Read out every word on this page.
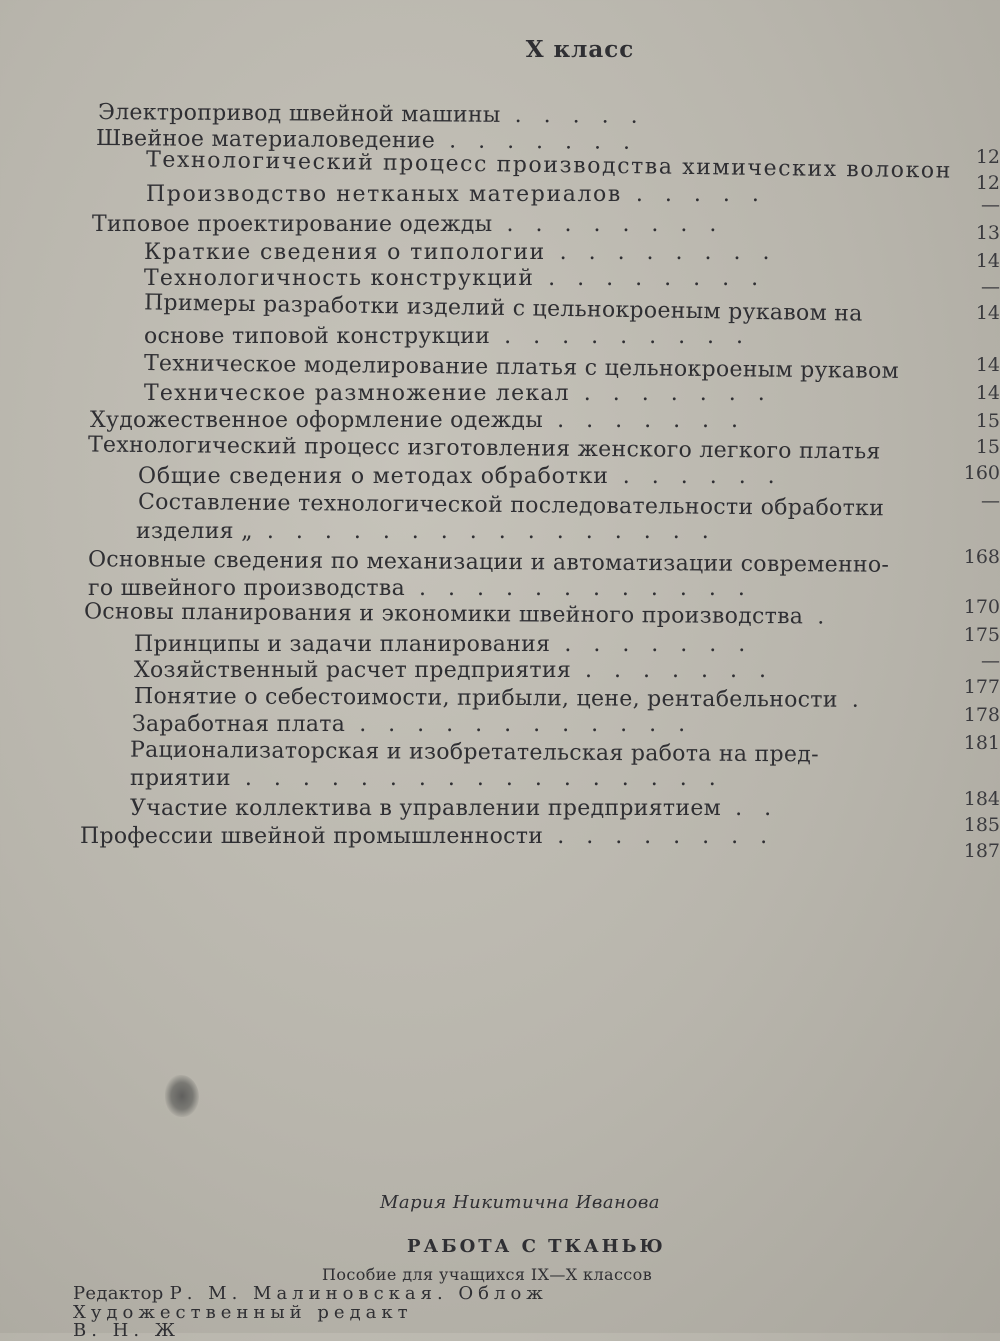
X класс
Электропривод швейной машины .....
Швейное материаловедение .......
Технологический процесс производства химических волокон
Производство нетканых материалов .....
Типовое проектирование одежды ........
Краткие сведения о типологии ........
Технологичность конструкций ........
Примеры разработки изделий с цельнокроеным рукавом на
основе типовой конструкции .........
Техническое моделирование платья с цельнокроеным рукавом
Техническое размножение лекал .......
Художественное оформление одежды .......
Технологический процесс изготовления женского легкого платья
Общие сведения о методах обработки ......
Составление технологической последовательности обработки
изделия „ ................
Основные сведения по механизации и автоматизации современно-
го швейного производства ............
Основы планирования и экономики швейного производства .
Принципы и задачи планирования .......
Хозяйственный расчет предприятия .......
Понятие о себестоимости, прибыли, цене, рентабельности .
Заработная плата ............
Рационализаторская и изобретательская работа на пред-
приятии .................
Участие коллектива в управлении предприятием ..
Профессии швейной промышленности ........
12
12
—
13
14
—
14
14
14
15
15
160
—
168
170
175
—
177
178
181
184
185
187
Мария Никитична Иванова
РАБОТА С ТКАНЬЮ
Пособие для учащихся IX—X классов
Редактор Р. М. Малиновская. Облож
Художественный редакт
В. Н. Ж
